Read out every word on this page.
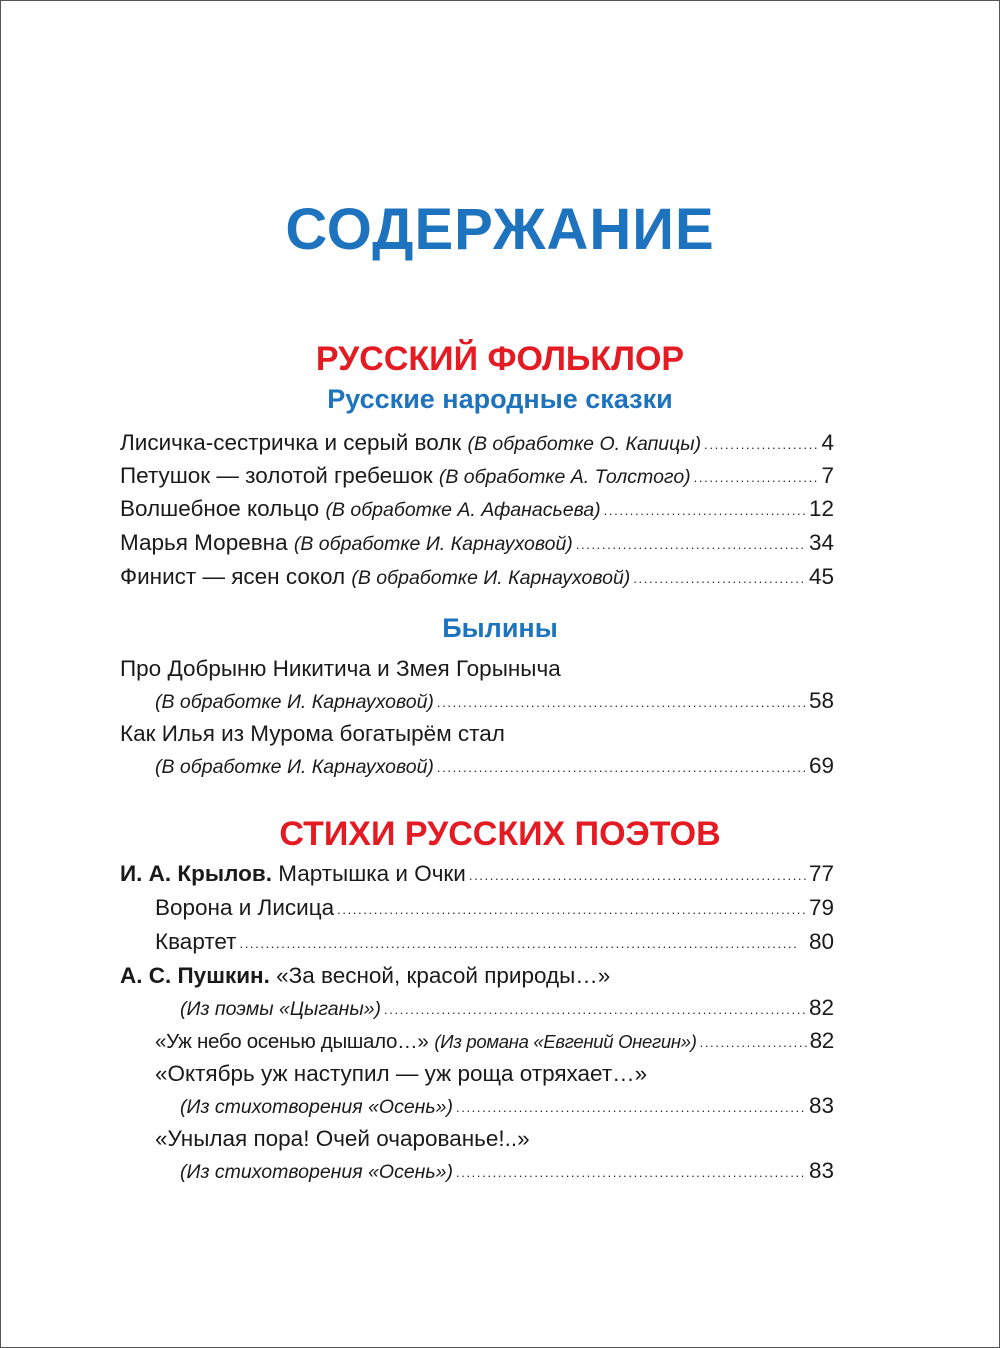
СОДЕРЖАНИЕ
РУССКИЙ ФОЛЬКЛОР
Русские народные сказки
Лисичка-сестричка и серый волк
(В обработке О. Капицы) . . .	4
Петушок — золотой гребешок
(В обработке А. Толстого) . . .	7
Волшебное кольцо
(В обработке А. Афанасьева) . . .	12
Марья Моревна
(В обработке И. Карнауховой) . . .	34
Финист — ясен сокол
(В обработке И. Карнауховой) . . .	45
Былины
Про Добрыню Никитича и Змея Горыныча
(В обработке И. Карнауховой) . . .	58
Как Илья из Мурома богатырём стал
(В обработке И. Карнауховой) . . .	69
СТИХИ РУССКИХ ПОЭТОВ
И. А. Крылов.
Мартышка и Очки . . .	77
Ворона и Лисица . . .	79
Квартет . . .	80
А. С. Пушкин.
«За весной, красой природы…»
(Из поэмы «Цыганы») . . .	82
«Уж небо осенью дышало…»
(Из романа «Евгений Онегин») . . .	82
«Октябрь уж наступил — уж роща отряхает…»
(Из стихотворения «Осень») . . .	83
«Унылая пора! Очей очарованье!..»
(Из стихотворения «Осень») . . .	83
